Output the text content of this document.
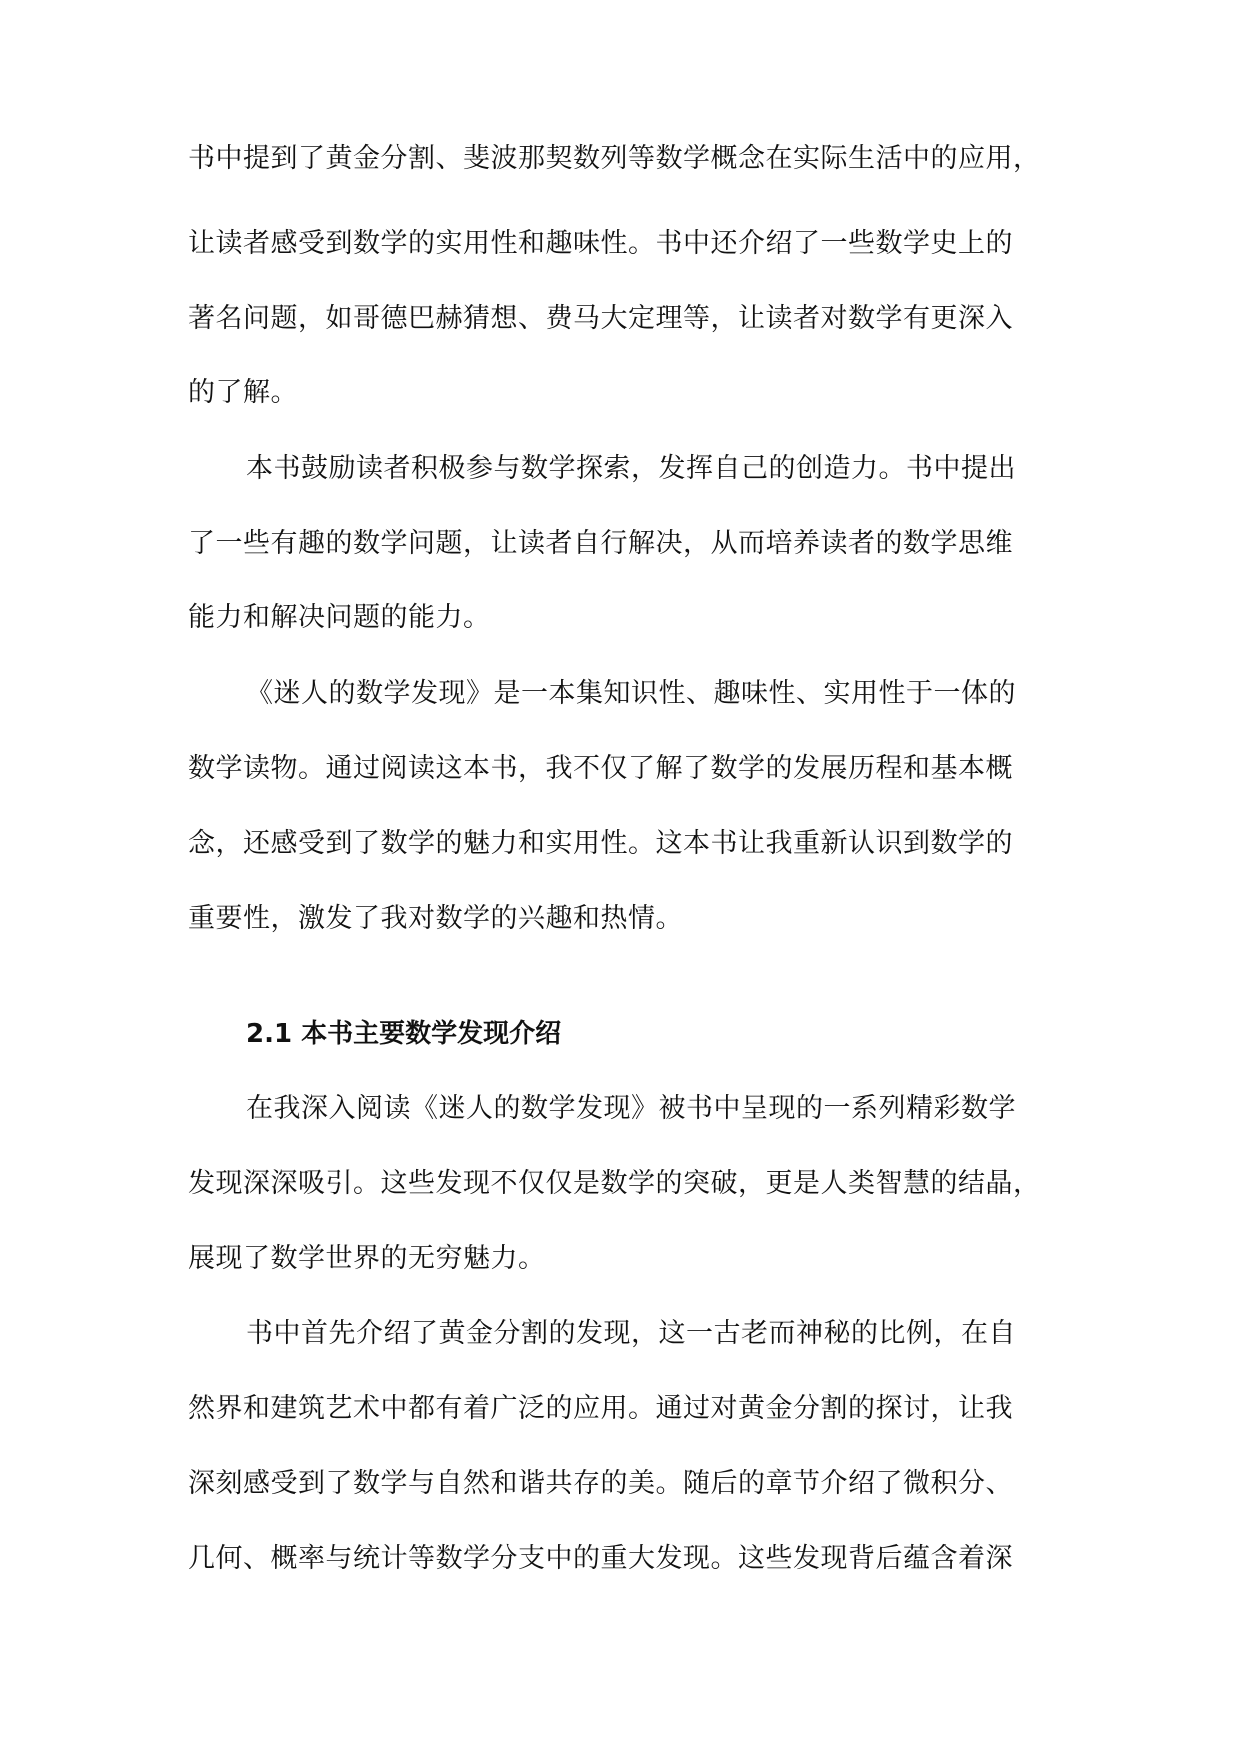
书中提到了黄金分割、斐波那契数列等数学概念在实际生活中的应用，
让读者感受到数学的实用性和趣味性。书中还介绍了一些数学史上的
著名问题，如哥德巴赫猜想、费马大定理等，让读者对数学有更深入
的了解。
本书鼓励读者积极参与数学探索，发挥自己的创造力。书中提出
了一些有趣的数学问题，让读者自行解决，从而培养读者的数学思维
能力和解决问题的能力。
《迷人的数学发现》是一本集知识性、趣味性、实用性于一体的
数学读物。通过阅读这本书，我不仅了解了数学的发展历程和基本概
念，还感受到了数学的魅力和实用性。这本书让我重新认识到数学的
重要性，激发了我对数学的兴趣和热情。
2.1 本书主要数学发现介绍
在我深入阅读《迷人的数学发现》被书中呈现的一系列精彩数学
发现深深吸引。这些发现不仅仅是数学的突破，更是人类智慧的结晶，
展现了数学世界的无穷魅力。
书中首先介绍了黄金分割的发现，这一古老而神秘的比例，在自
然界和建筑艺术中都有着广泛的应用。通过对黄金分割的探讨，让我
深刻感受到了数学与自然和谐共存的美。随后的章节介绍了微积分、
几何、概率与统计等数学分支中的重大发现。这些发现背后蕴含着深
